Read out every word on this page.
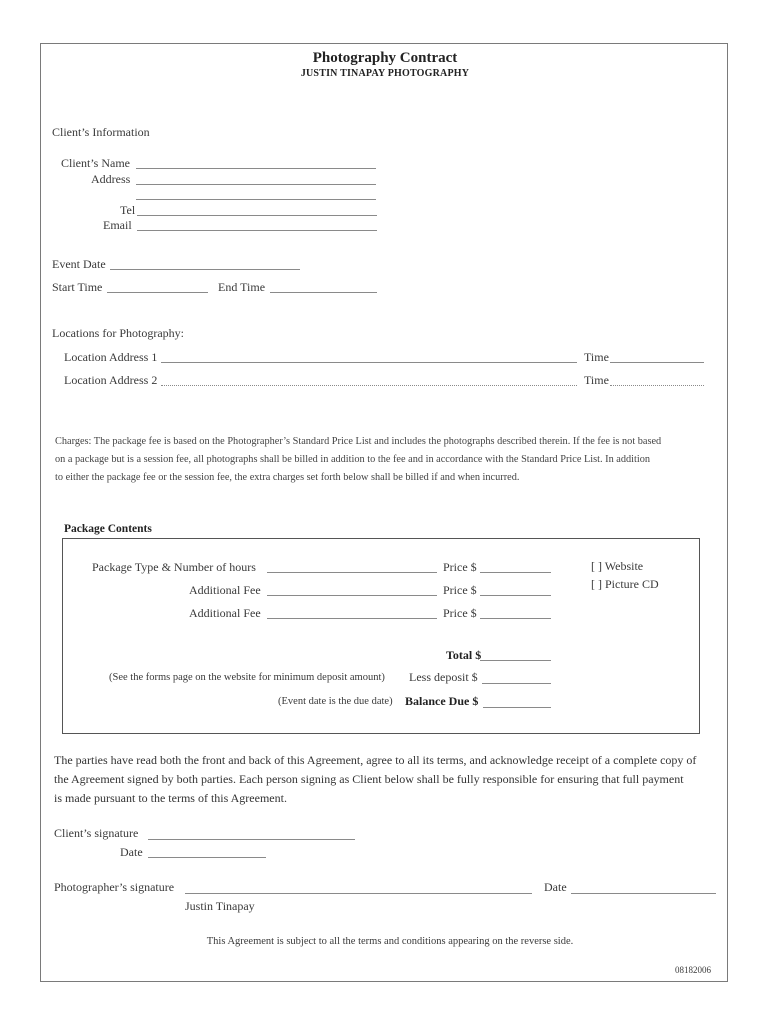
Photography Contract
JUSTIN TINAPAY PHOTOGRAPHY
Client’s Information
Client’s Name
Address
Tel
Email
Event Date
Start Time	End Time
Locations for Photography:
Location Address 1	Time
Location Address 2	Time
Charges: The package fee is based on the Photographer’s Standard Price List and includes the photographs described therein. If the fee is not based
on a package but is a session fee, all photographs shall be billed in addition to the fee and in accordance with the Standard Price List. In addition
to either the package fee or the session fee, the extra charges set forth below shall be billed if and when incurred.
Package Contents
Package Type & Number of hours	Price $
Additional Fee	Price $
Additional Fee	Price $
[ ] Website
[ ] Picture CD
Total $
(See the forms page on the website for minimum deposit amount) Less deposit $
(Event date is the due date) Balance Due $
The parties have read both the front and back of this Agreement, agree to all its terms, and acknowledge receipt of a complete copy of
the Agreement signed by both parties. Each person signing as Client below shall be fully responsible for ensuring that full payment
is made pursuant to the terms of this Agreement.
Client’s signature
Date
Photographer’s signature	Date
Justin Tinapay
This Agreement is subject to all the terms and conditions appearing on the reverse side.
08182006
